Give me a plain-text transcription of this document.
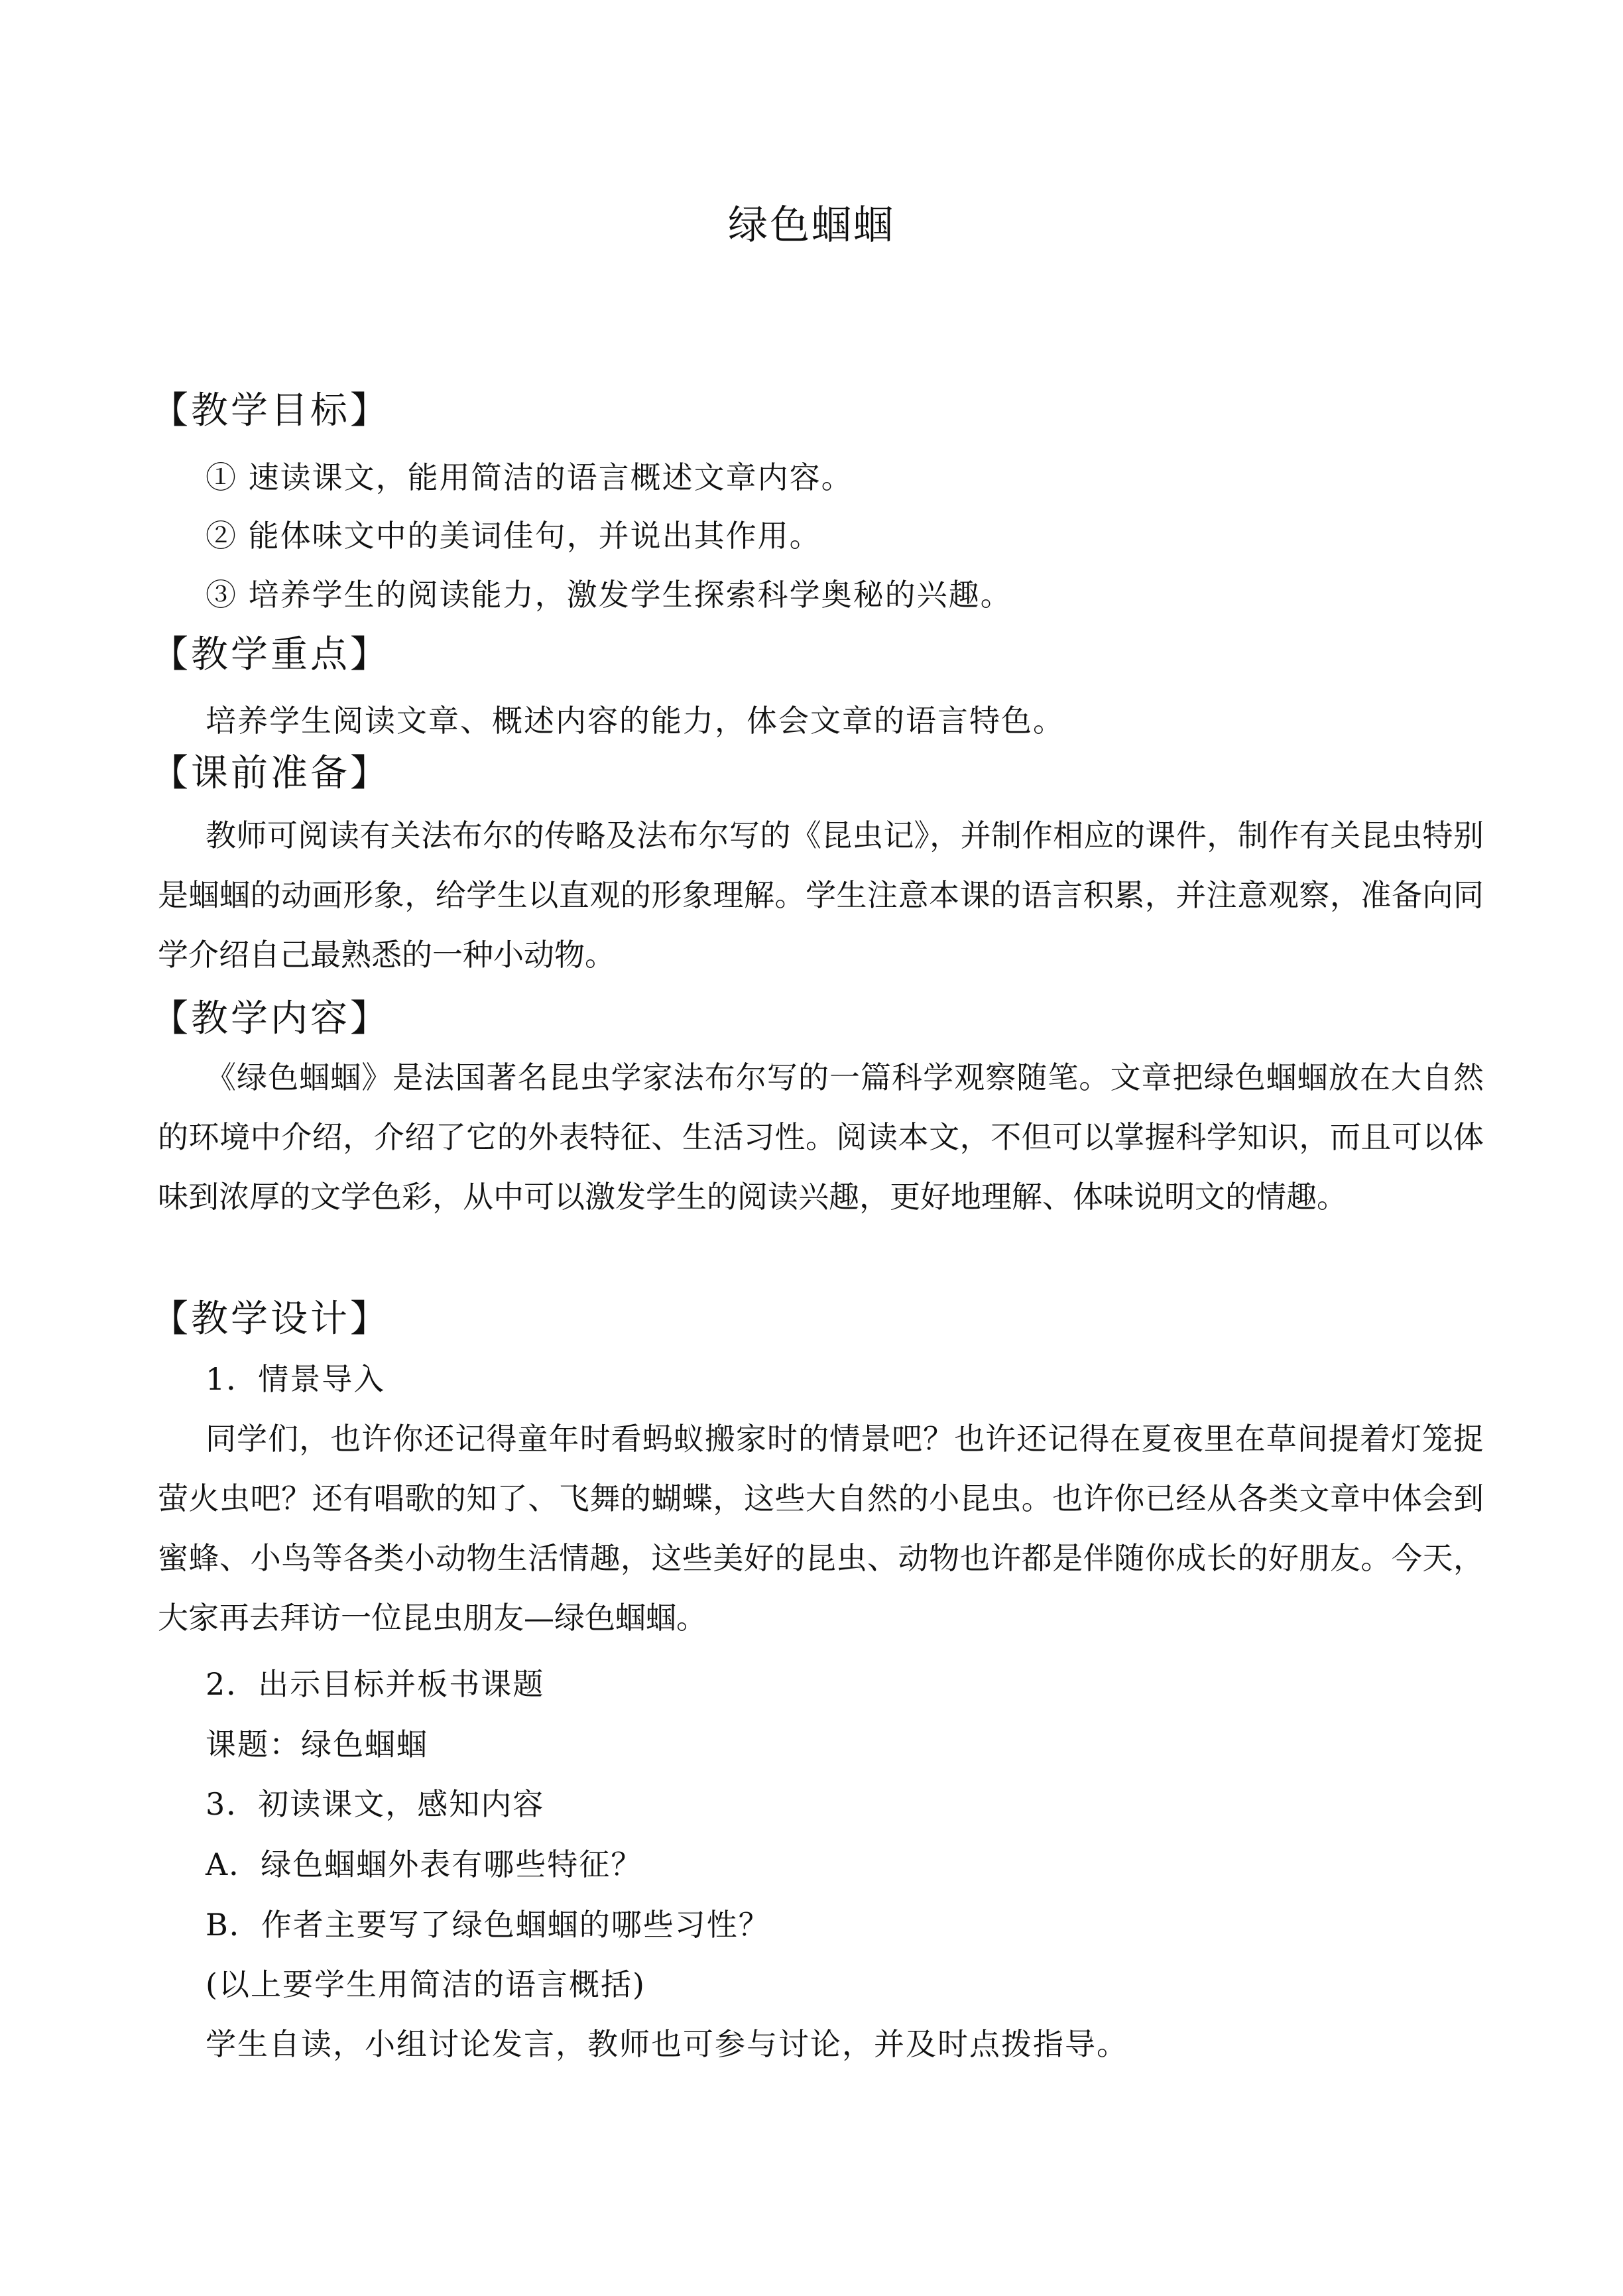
绿色蝈蝈
【教学目标】
① 速读课文，能用简洁的语言概述文章内容。
② 能体味文中的美词佳句，并说出其作用。
③ 培养学生的阅读能力，激发学生探索科学奥秘的兴趣。
【教学重点】
培养学生阅读文章、概述内容的能力，体会文章的语言特色。
【课前准备】

教师可阅读有关法布尔的传略及法布尔写的《昆虫记》，并制作相应的课件，制作有关昆虫特别是蝈蝈的动画形象，给学生以直观的形象理解。学生注意本课的语言积累，并注意观察，准备向同学介绍自己最熟悉的一种小动物。

【教学内容】

《绿色蝈蝈》是法国著名昆虫学家法布尔写的一篇科学观察随笔。文章把绿色蝈蝈放在大自然的环境中介绍，介绍了它的外表特征、生活习性。阅读本文，不但可以掌握科学知识，而且可以体味到浓厚的文学色彩，从中可以激发学生的阅读兴趣，更好地理解、体味说明文的情趣。

【教学设计】
1．情景导入

同学们，也许你还记得童年时看蚂蚁搬家时的情景吧？也许还记得在夏夜里在草间提着灯笼捉萤火虫吧？还有唱歌的知了、飞舞的蝴蝶，这些大自然的小昆虫。也许你已经从各类文章中体会到蜜蜂、小鸟等各类小动物生活情趣，这些美好的昆虫、动物也许都是伴随你成长的好朋友。今天，大家再去拜访一位昆虫朋友—绿色蝈蝈。

2．出示目标并板书课题
课题：绿色蝈蝈
3．初读课文，感知内容
A．绿色蝈蝈外表有哪些特征？
B．作者主要写了绿色蝈蝈的哪些习性？
(以上要学生用简洁的语言概括)
学生自读，小组讨论发言，教师也可参与讨论，并及时点拨指导。
